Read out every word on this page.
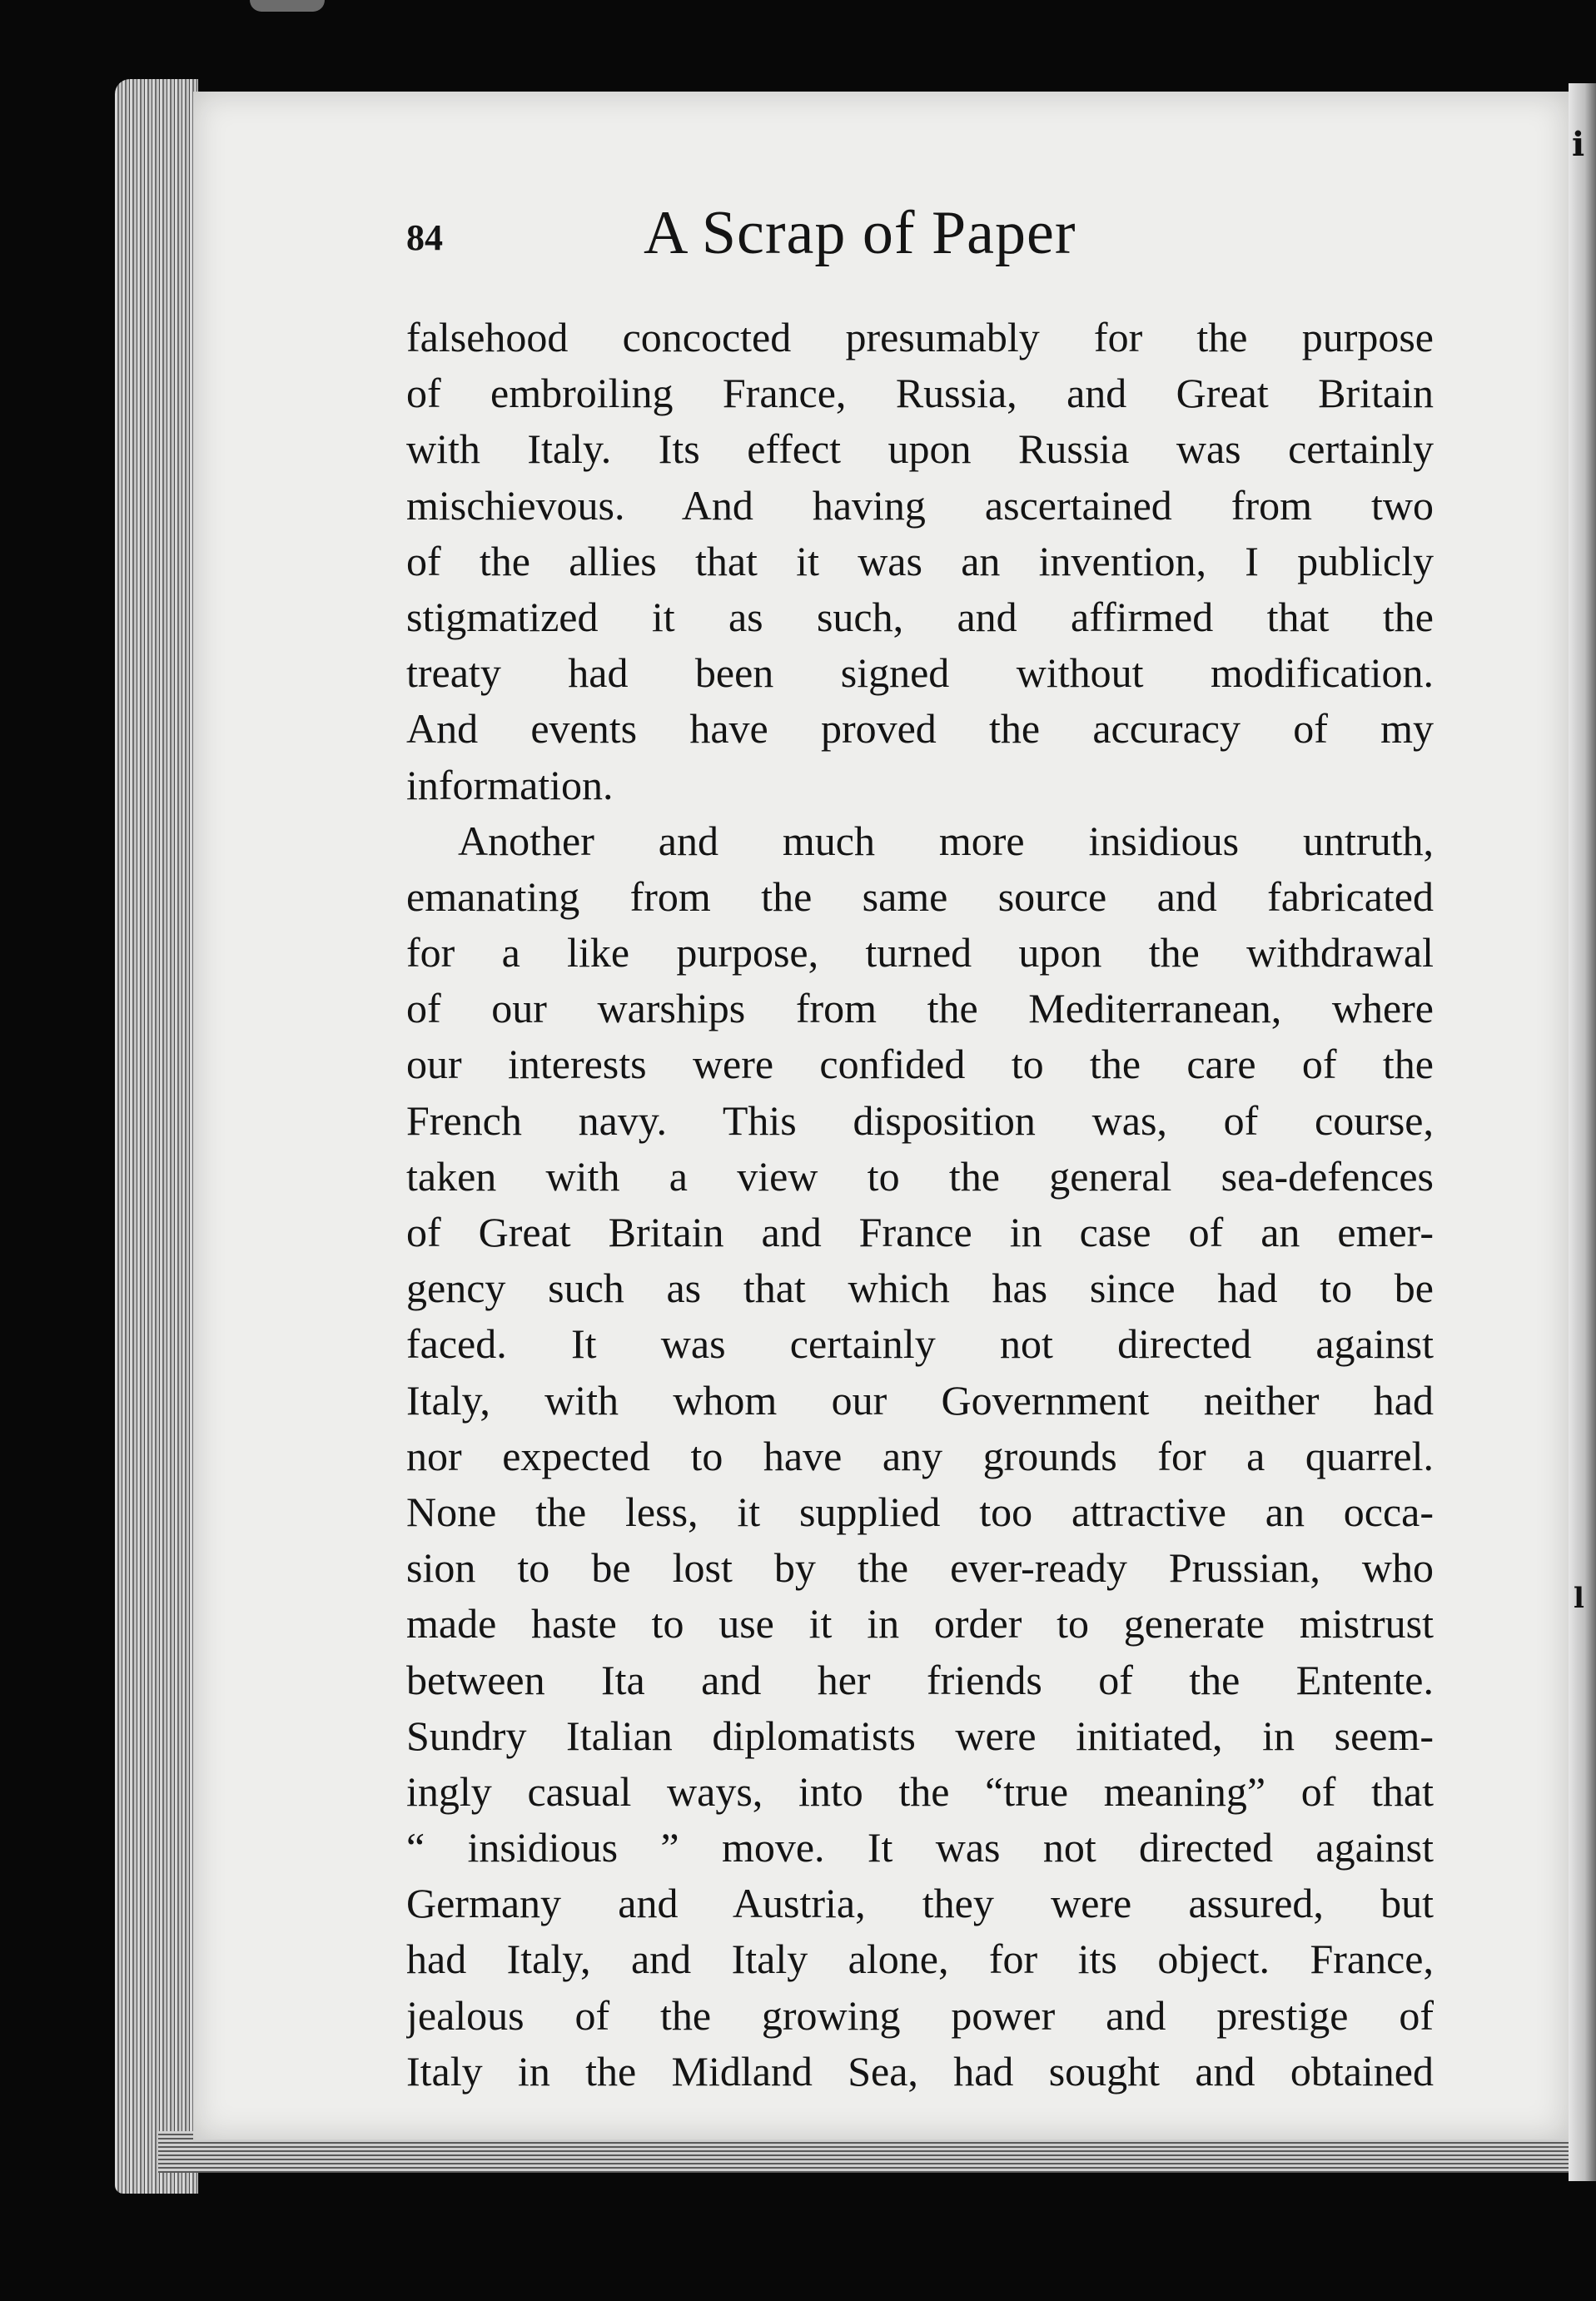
i
l
84	A Scrap of Paper
falsehood concocted presumably for the purpose
of embroiling France, Russia, and Great Britain
with Italy. Its effect upon Russia was certainly
mischievous. And having ascertained from two
of the allies that it was an invention, I publicly
stigmatized it as such, and affirmed that the
treaty had been signed without modification.
And events have proved the accuracy of my
information.
Another and much more insidious untruth,
emanating from the same source and fabricated
for a like purpose, turned upon the withdrawal
of our warships from the Mediterranean, where
our interests were confided to the care of the
French navy. This disposition was, of course,
taken with a view to the general sea-defences
of Great Britain and France in case of an emer-
gency such as that which has since had to be
faced. It was certainly not directed against
Italy, with whom our Government neither had
nor expected to have any grounds for a quarrel.
None the less, it supplied too attractive an occa-
sion to be lost by the ever-ready Prussian, who
made haste to use it in order to generate mistrust
between Ita and her friends of the Entente.
Sundry Italian diplomatists were initiated, in seem-
ingly casual ways, into the “true meaning” of that
“ insidious ” move. It was not directed against
Germany and Austria, they were assured, but
had Italy, and Italy alone, for its object. France,
jealous of the growing power and prestige of
Italy in the Midland Sea, had sought and obtained
